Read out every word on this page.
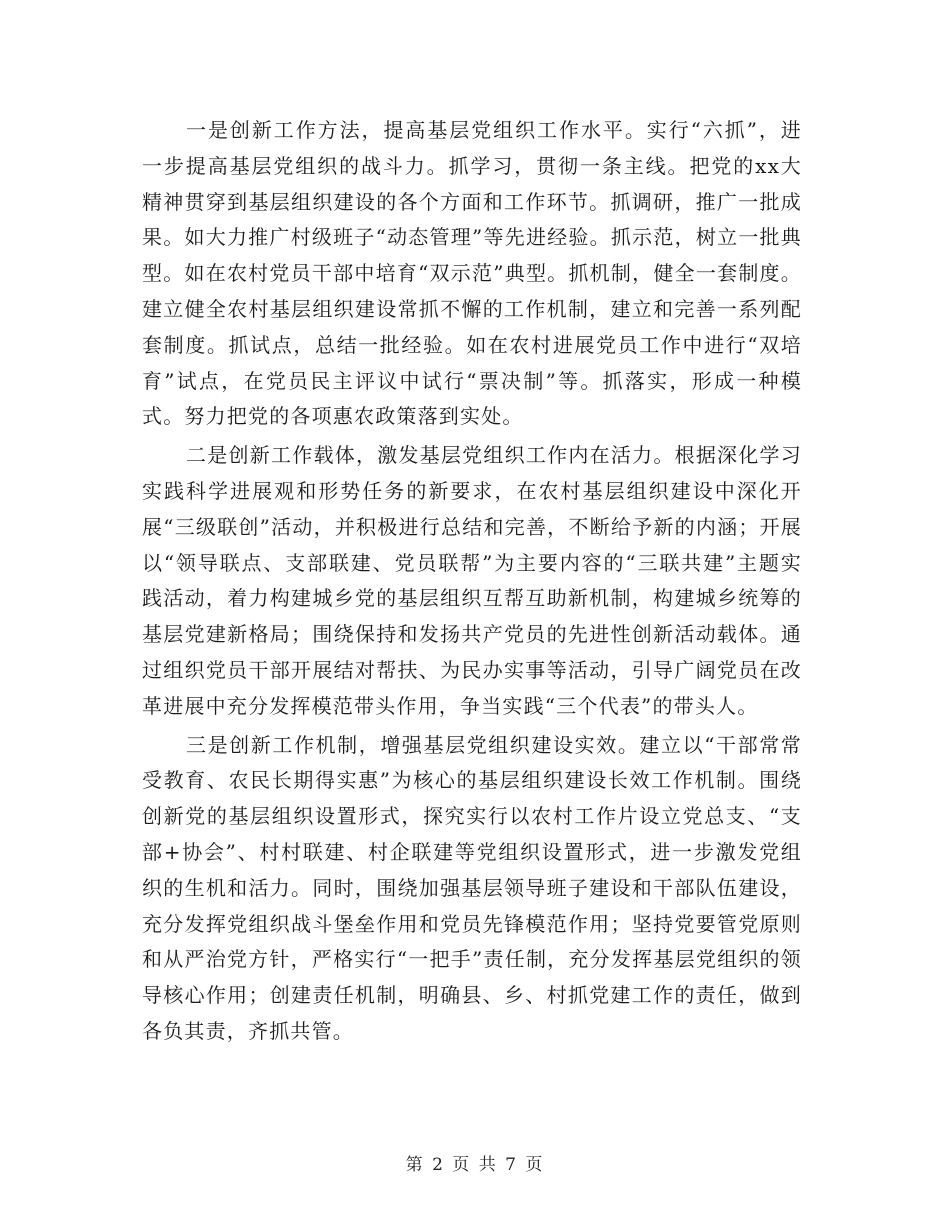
一是创新工作方法，提高基层党组织工作水平。实行“六抓”，进一步提高基层党组织的战斗力。抓学习，贯彻一条主线。把党的xx大精神贯穿到基层组织建设的各个方面和工作环节。抓调研，推广一批成果。如大力推广村级班子“动态管理”等先进经验。抓示范，树立一批典型。如在农村党员干部中培育“双示范”典型。抓机制，健全一套制度。建立健全农村基层组织建设常抓不懈的工作机制，建立和完善一系列配套制度。抓试点，总结一批经验。如在农村进展党员工作中进行“双培育”试点，在党员民主评议中试行“票决制”等。抓落实，形成一种模式。努力把党的各项惠农政策落到实处。

二是创新工作载体，激发基层党组织工作内在活力。根据深化学习实践科学进展观和形势任务的新要求，在农村基层组织建设中深化开展“三级联创”活动，并积极进行总结和完善，不断给予新的内涵；开展以“领导联点、支部联建、党员联帮”为主要内容的“三联共建”主题实践活动，着力构建城乡党的基层组织互帮互助新机制，构建城乡统筹的基层党建新格局；围绕保持和发扬共产党员的先进性创新活动载体。通过组织党员干部开展结对帮扶、为民办实事等活动，引导广阔党员在改革进展中充分发挥模范带头作用，争当实践“三个代表”的带头人。

三是创新工作机制，增强基层党组织建设实效。建立以“干部常常受教育、农民长期得实惠”为核心的基层组织建设长效工作机制。围绕创新党的基层组织设置形式，探究实行以农村工作片设立党总支、“支部+协会”、村村联建、村企联建等党组织设置形式，进一步激发党组织的生机和活力。同时，围绕加强基层领导班子建设和干部队伍建设，充分发挥党组织战斗堡垒作用和党员先锋模范作用；坚持党要管党原则和从严治党方针，严格实行“一把手”责任制，充分发挥基层党组织的领导核心作用；创建责任机制，明确县、乡、村抓党建工作的责任，做到各负其责，齐抓共管。

第 2 页 共 7 页
